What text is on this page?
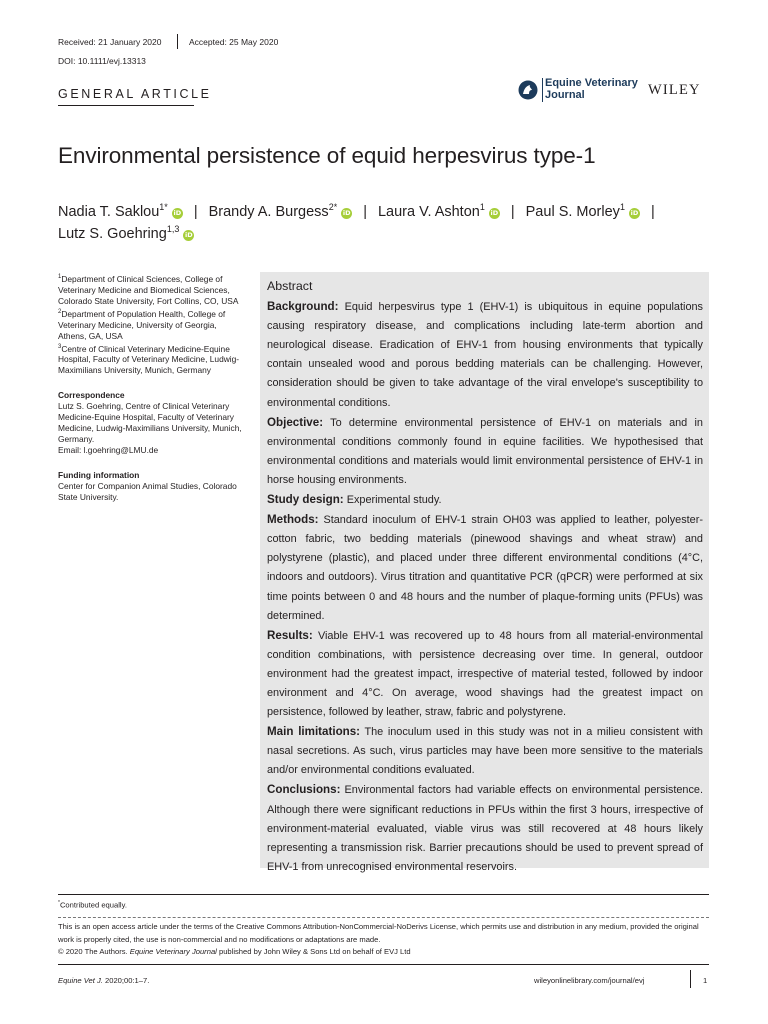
Received: 21 January 2020	Accepted: 25 May 2020
DOI: 10.1111/evj.13313
GENERAL ARTICLE
Equine Veterinary
Journal	WILEY
Environmental persistence of equid herpesvirus type-1
Nadia T. Saklou$^{1*}$iD | Brandy A. Burgess$^{2*}$iD | Laura V. Ashton$^1$iD | Paul S. Morley$^1$iD |
Lutz S. Goehring$^{1,3}$iD

$^1$Department of Clinical Sciences, College of Veterinary Medicine and Biomedical Sciences, Colorado State University, Fort Collins, CO, USA

$^2$Department of Population Health, College of Veterinary Medicine, University of Georgia, Athens, GA, USA

$^3$Centre of Clinical Veterinary Medicine-Equine Hospital, Faculty of Veterinary Medicine, Ludwig-Maximilians University, Munich, Germany

Correspondence

Lutz S. Goehring, Centre of Clinical Veterinary Medicine-Equine Hospital, Faculty of Veterinary Medicine, Ludwig-Maximilians University, Munich, Germany.

Email: l.goehring@LMU.de

Funding information

Center for Companion Animal Studies, Colorado State University.

Abstract

Background: Equid herpesvirus type 1 (EHV-1) is ubiquitous in equine populations causing respiratory disease, and complications including late-term abortion and neurological disease. Eradication of EHV-1 from housing environments that typically contain unsealed wood and porous bedding materials can be challenging. However, consideration should be given to take advantage of the viral envelope's susceptibility to environmental conditions.

Objective: To determine environmental persistence of EHV-1 on materials and in environmental conditions commonly found in equine facilities. We hypothesised that environmental conditions and materials would limit environmental persistence of EHV-1 in horse housing environments.

Study design: Experimental study.

Methods: Standard inoculum of EHV-1 strain OH03 was applied to leather, polyester-cotton fabric, two bedding materials (pinewood shavings and wheat straw) and polystyrene (plastic), and placed under three different environmental conditions (4°C, indoors and outdoors). Virus titration and quantitative PCR (qPCR) were performed at six time points between 0 and 48 hours and the number of plaque-forming units (PFUs) was determined.

Results: Viable EHV-1 was recovered up to 48 hours from all material-environmental condition combinations, with persistence decreasing over time. In general, outdoor environment had the greatest impact, irrespective of material tested, followed by indoor environment and 4°C. On average, wood shavings had the greatest impact on persistence, followed by leather, straw, fabric and polystyrene.

Main limitations: The inoculum used in this study was not in a milieu consistent with nasal secretions. As such, virus particles may have been more sensitive to the materials and/or environmental conditions evaluated.

Conclusions: Environmental factors had variable effects on environmental persistence. Although there were significant reductions in PFUs within the first 3 hours, irrespective of environment-material evaluated, viable virus was still recovered at 48 hours likely representing a transmission risk. Barrier precautions should be used to prevent spread of EHV-1 from unrecognised environmental reservoirs.

*Contributed equally.
This is an open access article under the terms of the Creative Commons Attribution-NonCommercial-NoDerivs License, which permits use and distribution in any medium, provided the original work is properly cited, the use is non-commercial and no modifications or adaptations are made.
© 2020 The Authors. Equine Veterinary Journal published by John Wiley & Sons Ltd on behalf of EVJ Ltd
Equine Vet J. 2020;00:1–7.	wileyonlinelibrary.com/journal/evj	1
